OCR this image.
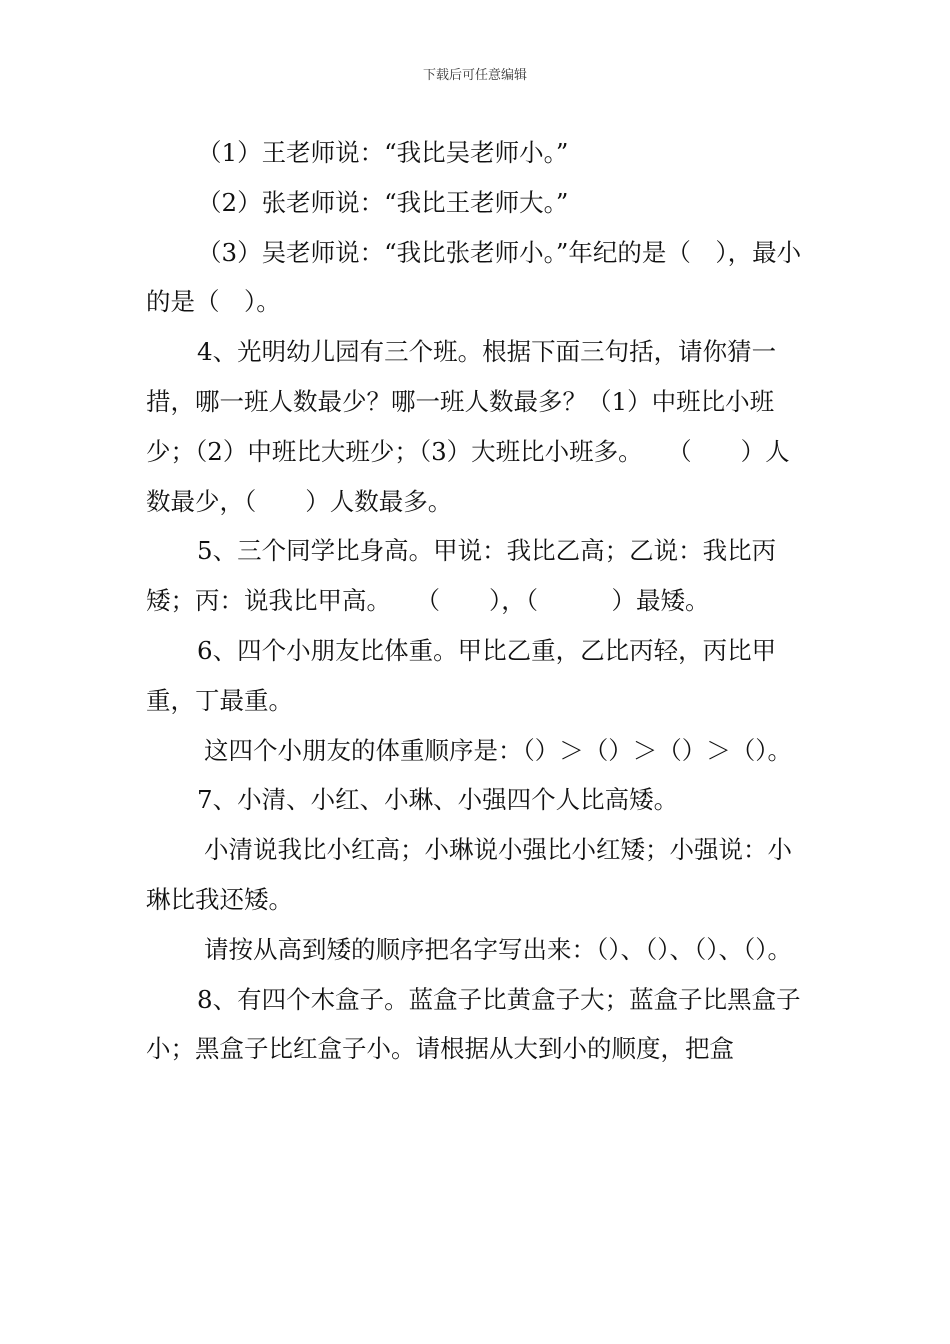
下载后可任意编辑

（1）王老师说：“我比吴老师小。”

（2）张老师说：“我比王老师大。”

（3）吴老师说：“我比张老师小。”年纪的是（　），最小的是（　）。

4、光明幼儿园有三个班。根据下面三句括，请你猜一措，哪一班人数最少？哪一班人数最多？（1）中班比小班少；（2）中班比大班少；（3）大班比小班多。　　（　　）人数最少，（　　）人数最多。

5、三个同学比身高。甲说：我比乙高；乙说：我比丙矮；丙：说我比甲高。　　（　　），（　　　）最矮。

6、四个小朋友比体重。甲比乙重，乙比丙轻，丙比甲重，丁最重。

这四个小朋友的体重顺序是：（）＞（）＞（）＞（）。

7、小清、小红、小琳、小强四个人比高矮。

小清说我比小红高；小琳说小强比小红矮；小强说：小琳比我还矮。

请按从高到矮的顺序把名字写出来：（）、（）、（）、（）。

8、有四个木盒子。蓝盒子比黄盒子大；蓝盒子比黑盒子小；黑盒子比红盒子小。请根据从大到小的顺度，把盒
